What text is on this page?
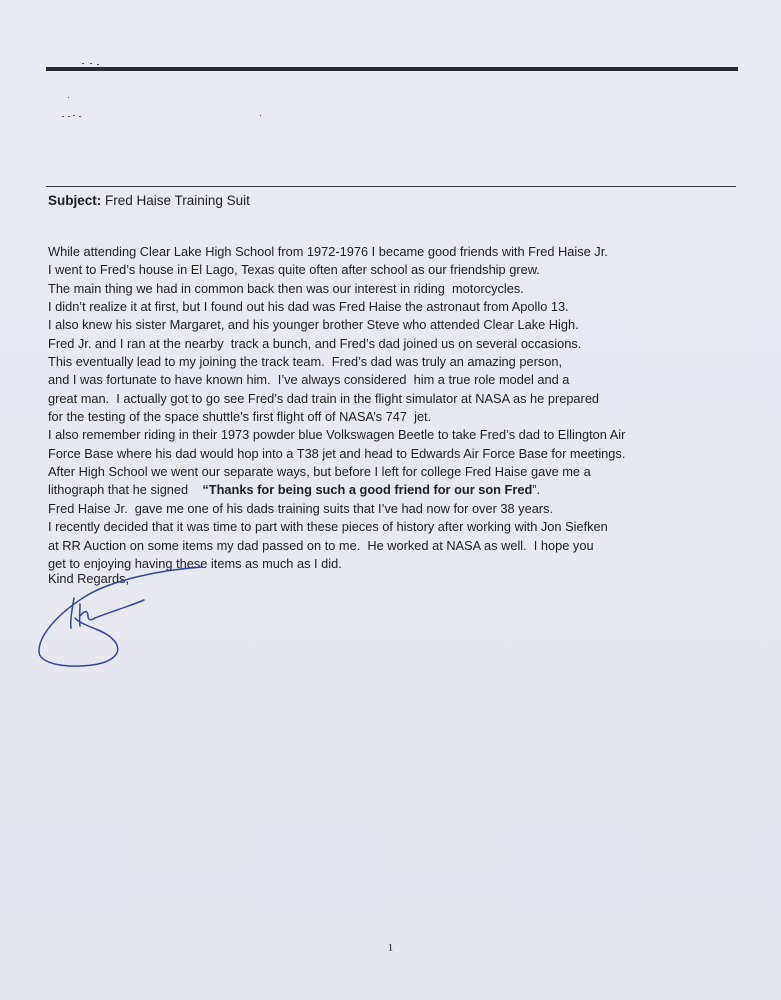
Subject: Fred Haise Training Suit
While attending Clear Lake High School from 1972-1976 I became good friends with Fred Haise Jr.
I went to Fred’s house in El Lago, Texas quite often after school as our friendship grew.
The main thing we had in common back then was our interest in riding  motorcycles.
I didn’t realize it at first, but I found out his dad was Fred Haise the astronaut from Apollo 13.
I also knew his sister Margaret, and his younger brother Steve who attended Clear Lake High.
Fred Jr. and I ran at the nearby  track a bunch, and Fred’s dad joined us on several occasions.
This eventually lead to my joining the track team.  Fred’s dad was truly an amazing person,
and I was fortunate to have known him.  I’ve always considered  him a true role model and a
great man.  I actually got to go see Fred’s dad train in the flight simulator at NASA as he prepared
for the testing of the space shuttle’s first flight off of NASA’s 747  jet.
I also remember riding in their 1973 powder blue Volkswagen Beetle to take Fred’s dad to Ellington Air
Force Base where his dad would hop into a T38 jet and head to Edwards Air Force Base for meetings.
After High School we went our separate ways, but before I left for college Fred Haise gave me a
lithograph that he signed    “Thanks for being such a good friend for our son Fred”.
Fred Haise Jr.  gave me one of his dads training suits that I’ve had now for over 38 years.
I recently decided that it was time to part with these pieces of history after working with Jon Siefken
at RR Auction on some items my dad passed on to me.  He worked at NASA as well.  I hope you
get to enjoying having these items as much as I did.
Kind Regards,
1
